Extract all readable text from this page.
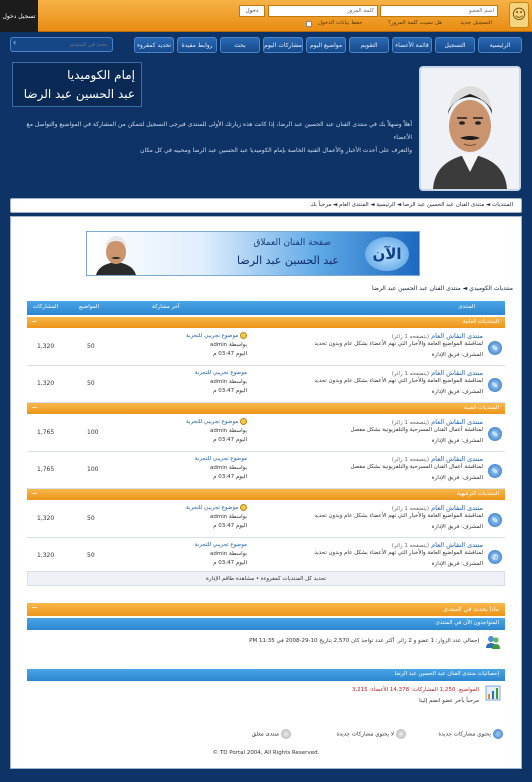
تسجيل دخول
اسم العضو
كلمة المرور
دخول
التسجيل جديد
هل نسيت كلمة المرور؟
حفظ بيانات الدخول	☺
الرئيسية
التسجيل
قائمة الأعضاء
التقويم
مواضيع اليوم
مشاركات اليوم
بحث
روابط مفيدة
تحديد كمقروء
بحث في المنتدى
‹
إمام الكوميديا
عبد الحسين عبد الرضا
أهلاً وسهلاً بك في منتدى الفنان عبد الحسين عبد الرضا، إذا كانت هذه زيارتك الأولى للمنتدى فيرجى التسجيل لتتمكن من المشاركة في المواضيع والتواصل مع الأعضاء
والتعرف على أحدث الأخبار والأعمال الفنية الخاصة بإمام الكوميديا عبد الحسين عبد الرضا ومحبيه في كل مكان
المنتديات ◄ منتدى الفنان عبد الحسين عبد الرضا ◄ الرئيسية ◄ المنتدى العام ◄ مرحباً بك
صفحة الفنان العملاق
عبد الحسين عبد الرضا	الآن
منتديات الكوميدي ◄ منتدى الفنان عبد الحسين عبد الرضا
المنتدى
آخر مشاركة
المواضيع
المشاركات
المنتديات العامة
−
✎
منتدى النقاش العام (يتصفحه 1 زائر)
لمناقشة المواضيع العامة والأخبار التي تهم الأعضاء بشكل عام وبدون تحديد
المشرف: فريق الإدارة
موضوع تجريبي للتجربة
بواسطة admin
اليوم 03:47 م
50
1,320
✎
منتدى النقاش العام (يتصفحه 1 زائر)
لمناقشة المواضيع العامة والأخبار التي تهم الأعضاء بشكل عام وبدون تحديد
المشرف: فريق الإدارة
موضوع تجريبي للتجربة
بواسطة admin
اليوم 03:47 م
50
1,320
المنتديات الفنية
−
✎
منتدى النقاش العام (يتصفحه 1 زائر)
لمناقشة أعمال الفنان المسرحية والتلفزيونية بشكل مفصل
المشرف: فريق الإدارة
موضوع تجريبي للتجربة
بواسطة admin
اليوم 03:47 م
100
1,765
✎
منتدى النقاش العام (يتصفحه 1 زائر)
لمناقشة أعمال الفنان المسرحية والتلفزيونية بشكل مفصل
المشرف: فريق الإدارة
موضوع تجريبي للتجربة
بواسطة admin
اليوم 03:47 م
100
1,765
المنتديات الترفيهية
−
✎
منتدى النقاش العام (يتصفحه 1 زائر)
لمناقشة المواضيع العامة والأخبار التي تهم الأعضاء بشكل عام وبدون تحديد
المشرف: فريق الإدارة
موضوع تجريبي للتجربة
بواسطة admin
اليوم 03:47 م
50
1,320
✆
منتدى النقاش العام (يتصفحه 1 زائر)
لمناقشة المواضيع العامة والأخبار التي تهم الأعضاء بشكل عام وبدون تحديد
المشرف: فريق الإدارة
موضوع تجريبي للتجربة
بواسطة admin
اليوم 03:47 م
50
1,320
تحديد كل المنتديات كمقروءة • مشاهدة طاقم الإدارة
ماذا يحدث في المنتدى
−
المتواجدون الآن في المنتدى
إجمالي عدد الزوار: 1 عضو و 2 زائر. أكثر عدد تواجد كان 2,570 بتاريخ 10-29-2008 في 11:35 PM
إحصائيات منتدى الفنان عبد الحسين عبد الرضا
المواضيع: 1,250 المشاركات: 14,378 الأعضاء: 3,215
مرحباً بآخر عضو انضم إلينا
يحتوي مشاركات جديدة
لا يحتوي مشاركات جديدة
منتدى مغلق
© TD Portal 2004, All Rights Reserved.
